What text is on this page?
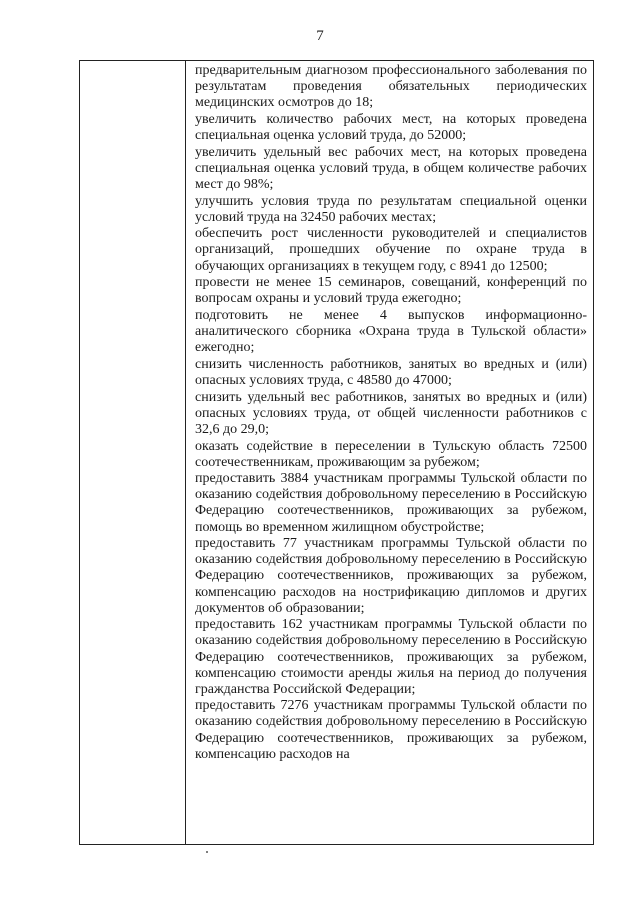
7

предварительным диагнозом профессионального заболевания по результатам проведения обязательных периодических медицинских осмотров до 18;

увеличить количество рабочих мест, на которых проведена специальная оценка условий труда, до 52000;

увеличить удельный вес рабочих мест, на которых проведена специальная оценка условий труда, в общем количестве рабочих мест до 98%;

улучшить условия труда по результатам специальной оценки условий труда на 32450 рабочих местах;

обеспечить рост численности руководителей и специалистов организаций, прошедших обучение по охране труда в обучающих организациях в текущем году, с 8941 до 12500;

провести не менее 15 семинаров, совещаний, конференций по вопросам охраны и условий труда ежегодно;

подготовить не менее 4 выпусков информационно-аналитического сборника «Охрана труда в Тульской области» ежегодно;

снизить численность работников, занятых во вредных и (или) опасных условиях труда, с 48580 до 47000;

снизить удельный вес работников, занятых во вредных и (или) опасных условиях труда, от общей численности работников с 32,6 до 29,0;

оказать содействие в переселении в Тульскую область 72500 соотечественникам, проживающим за рубежом;

предоставить 3884 участникам программы Тульской области по оказанию содействия добровольному переселению в Российскую Федерацию соотечественников, проживающих за рубежом, помощь во временном жилищном обустройстве;

предоставить 77 участникам программы Тульской области по оказанию содействия добровольному переселению в Российскую Федерацию соотечественников, проживающих за рубежом, компенсацию расходов на нострификацию дипломов и других документов об образовании;

предоставить 162 участникам программы Тульской области по оказанию содействия добровольному переселению в Российскую Федерацию соотечественников, проживающих за рубежом, компенсацию стоимости аренды жилья на период до получения гражданства Российской Федерации;

предоставить 7276 участникам программы Тульской области по оказанию содействия добровольному переселению в Российскую Федерацию соотечественников, проживающих за рубежом, компенсацию расходов на
